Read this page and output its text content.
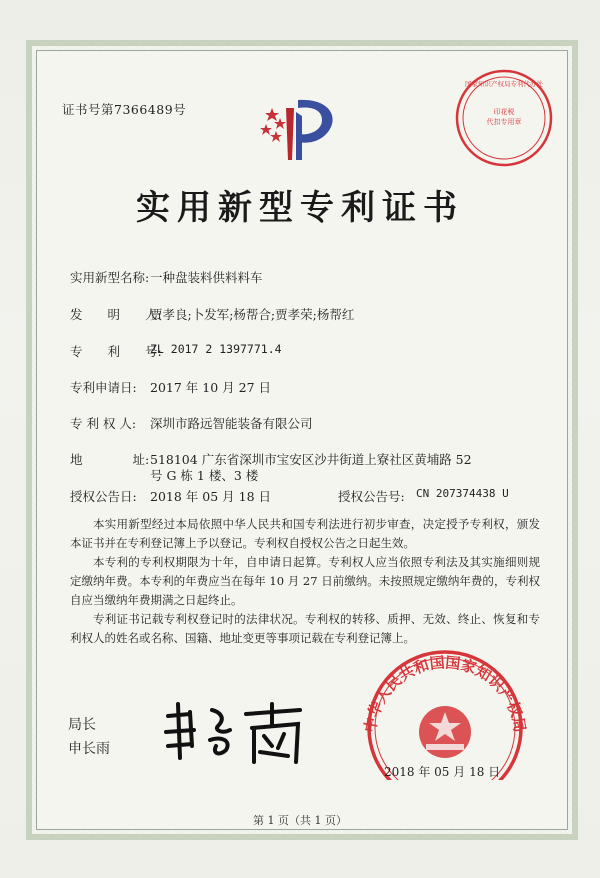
证书号第7366489号	印花税
代扣专用章
国家知识产权局专利代办处
实用新型专利证书
实用新型名称: 一种盘装料供料料车
发　　明　　人:
贾孝良;卜发军;杨帮合;贾孝荣;杨帮红
专　　利　　号:
ZL 2017 2 1397771.4
专利申请日: 2017 年 10 月 27 日
专 利 权 人: 深圳市路远智能装备有限公司
地　　　　址: 518104 广东省深圳市宝安区沙井街道上寮社区黄埔路 52
号 G 栋 1 楼、3 楼
授权公告日: 2018 年 05 月 18 日	授权公告号: CN 207374438 U

本实用新型经过本局依照中华人民共和国专利法进行初步审查，决定授予专利权，颁发本证书并在专利登记簿上予以登记。专利权自授权公告之日起生效。

本专利的专利权期限为十年，自申请日起算。专利权人应当依照专利法及其实施细则规定缴纳年费。本专利的年费应当在每年 10 月 27 日前缴纳。未按照规定缴纳年费的，专利权自应当缴纳年费期满之日起终止。

专利证书记载专利权登记时的法律状况。专利权的转移、质押、无效、终止、恢复和专利权人的姓名或名称、国籍、地址变更等事项记载在专利登记簿上。

局长
申长雨
中华人民共和国国家知识产权局
2018 年 05 月 18 日
第 1 页（共 1 页）
